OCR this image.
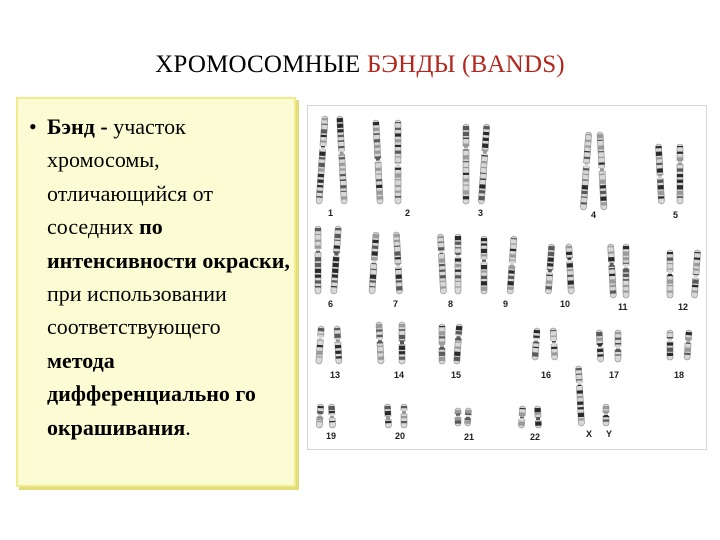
ХРОМОСОМНЫЕ БЭНДЫ (BANDS)
• Бэнд - участок хромосомы, отличающийся от соседних по интенсивности окраски, при использовании соответствующего метода дифференциально го окрашивания.
1	2	3	4	5
6	7	8	9	10	11	12
13	14	15	16	17	18
19	20	21	22	X Y
